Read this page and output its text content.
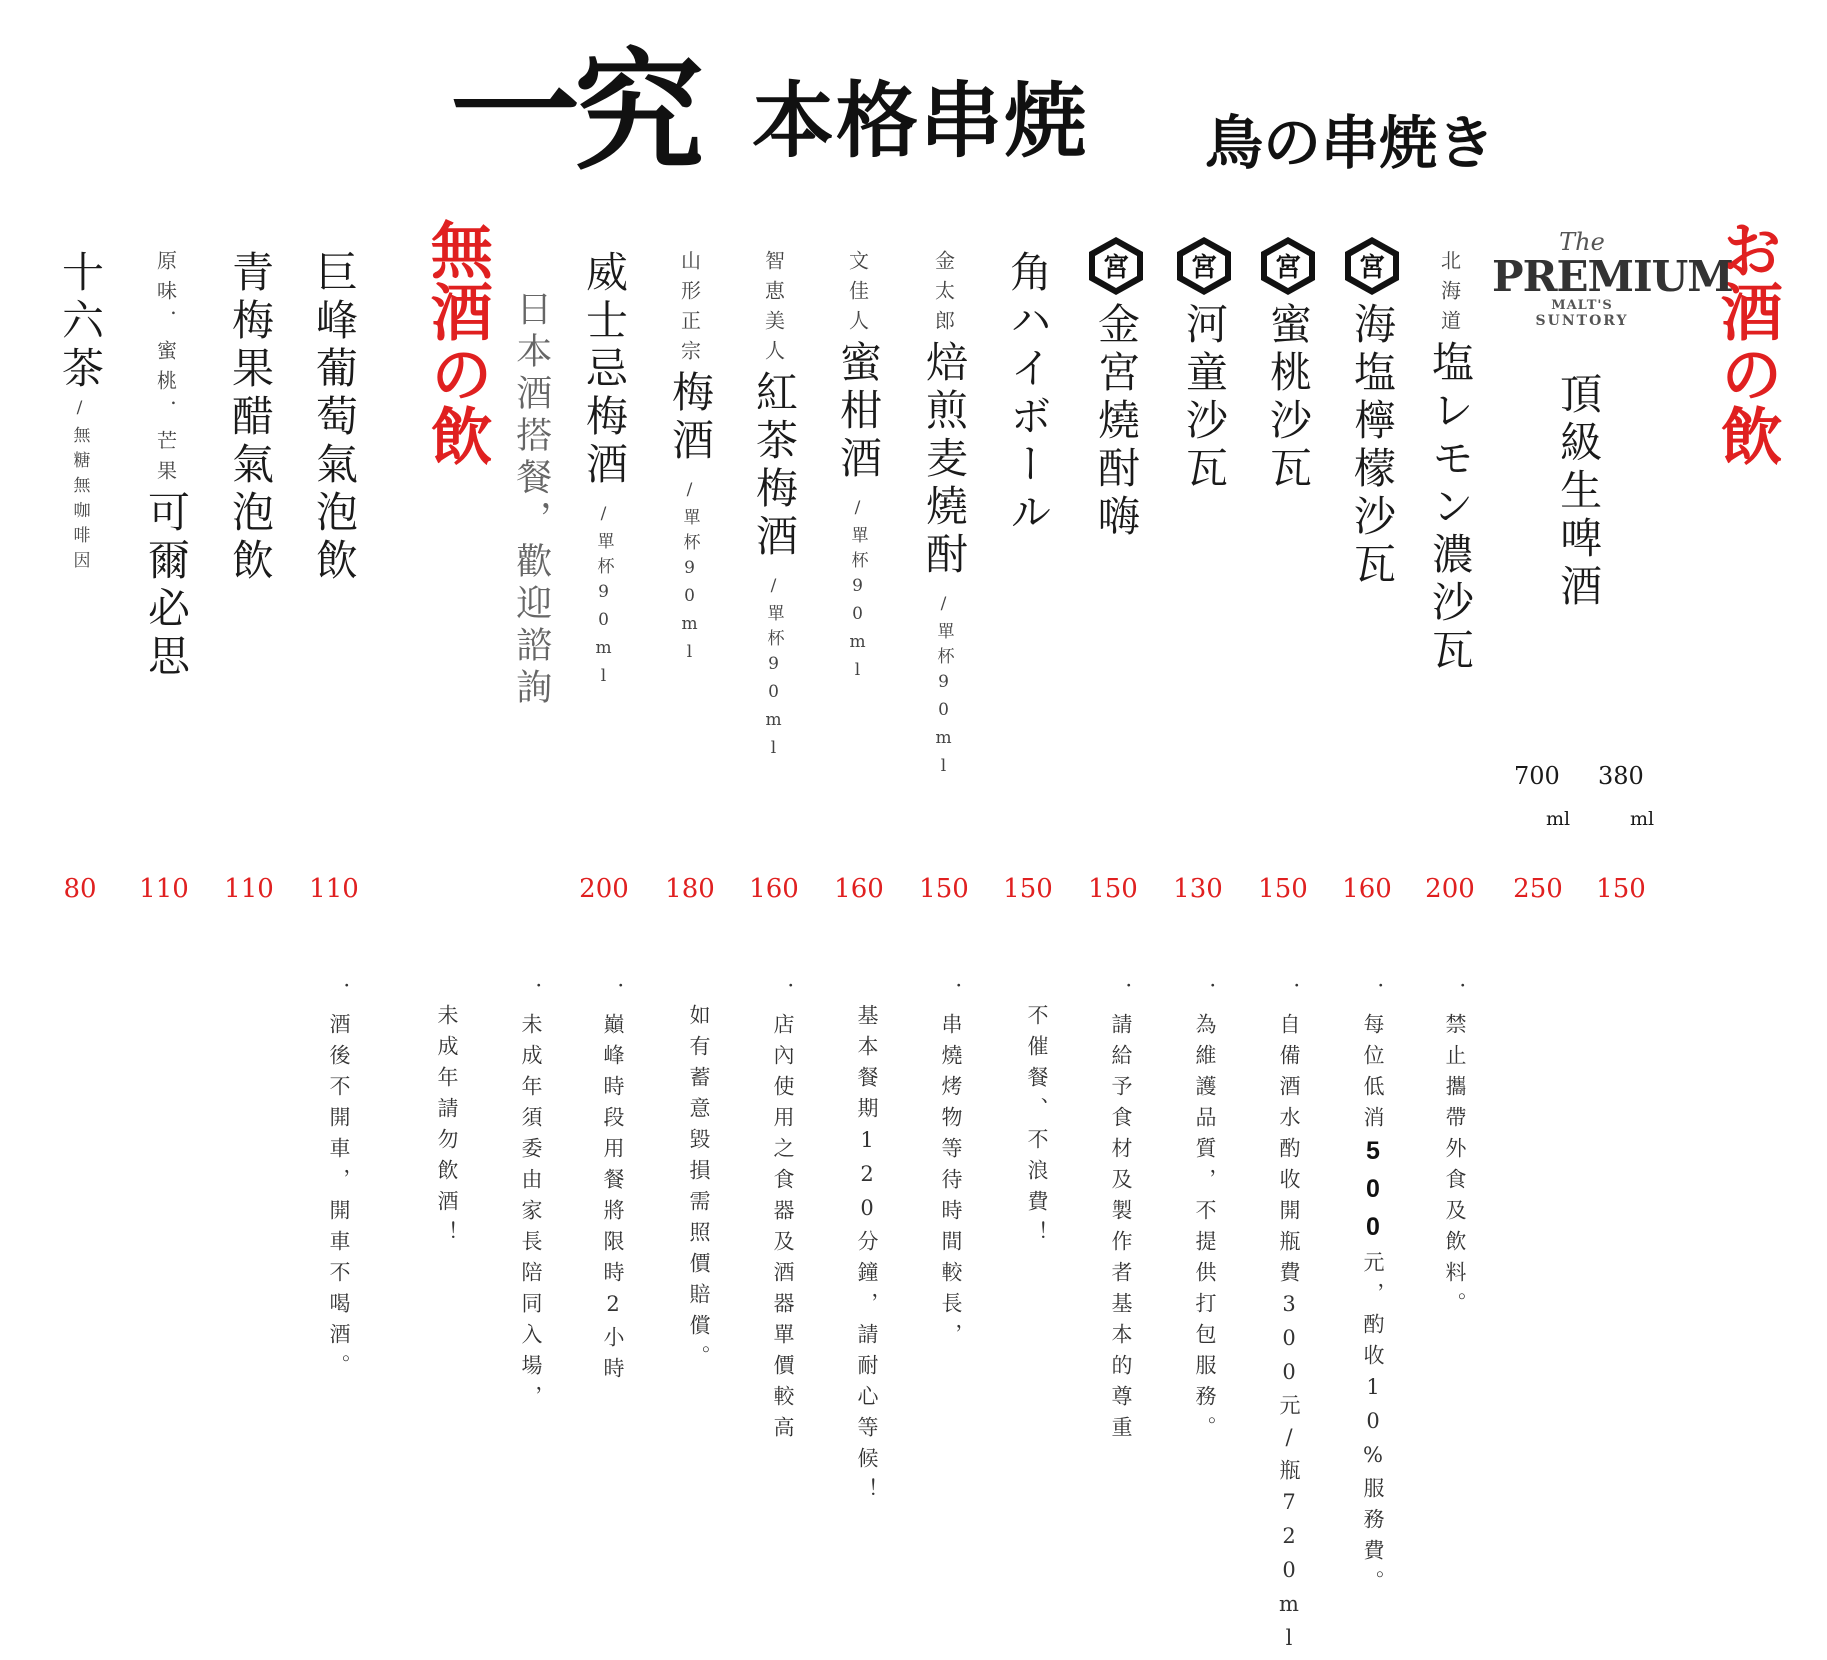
一究 本格串焼 鳥の串焼き
お酒の飲
無酒の飲 日本酒搭餐，歡迎諮詢
The
PREMIUM
MALT'S
SUNTORY
頂級生啤酒
700 380
ml	ml
北海道
塩レモン濃沙瓦
宮
海塩檸檬沙瓦
宮
蜜桃沙瓦
宮
河童沙瓦
宮
金宮燒酎嗨
角ハイボール
金太郎
焙煎麦燒酎
/單杯90ml
文佳人
蜜柑酒
/單杯90ml
智恵美人
紅茶梅酒
/單杯90ml
山形正宗
梅酒
/單杯90ml
威士忌梅酒
/單杯90ml
巨峰葡萄氣泡飲
青梅果醋氣泡飲
原味．蜜桃．芒果
可爾必思
十六茶
/無糖無咖啡因
150
250
200
160
150
130
150
150
150
160
160
180
200
110
110
110
80
．禁止攜帶外食及飲料。
．每位低消500元，酌收10%服務費。
．自備酒水酌收開瓶費300元/瓶720ml
．為維護品質，不提供打包服務。
．請給予食材及製作者基本的尊重
不催餐、不浪費！
．串燒烤物等待時間較長，
基本餐期120分鐘，請耐心等候！
．店內使用之食器及酒器單價較高
如有蓄意毀損需照價賠償。
．巔峰時段用餐將限時2小時
．未成年須委由家長陪同入場，
未成年請勿飲酒！
．酒後不開車，開車不喝酒。
